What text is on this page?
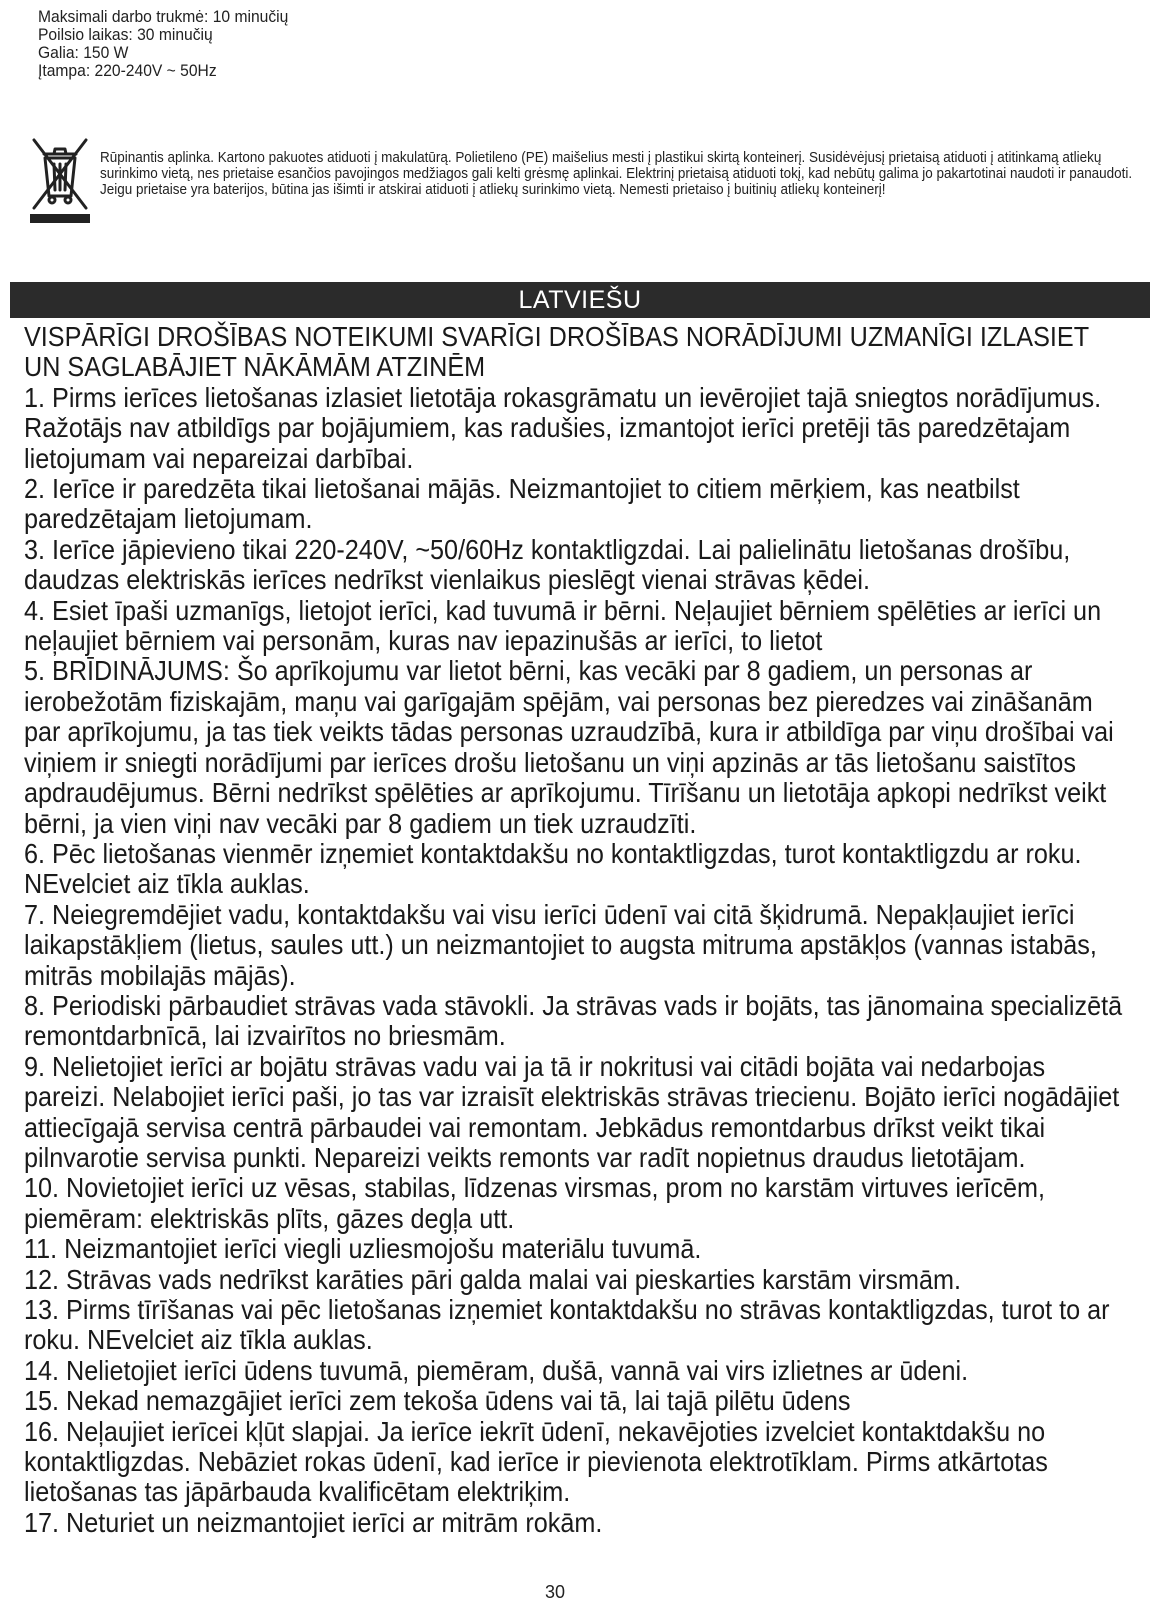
Maksimali darbo trukmė: 10 minučių
Poilsio laikas: 30 minučių
Galia: 150 W
Įtampa: 220-240V ~ 50Hz
Rūpinantis aplinka. Kartono pakuotes atiduoti į makulatūrą. Polietileno (PE) maišelius mesti į plastikui skirtą konteinerį. Susidėvėjusį prietaisą atiduoti į atitinkamą atliekų surinkimo vietą, nes prietaise esančios pavojingos medžiagos gali kelti grėsmę aplinkai. Elektrinį prietaisą atiduoti tokį, kad nebūtų galima jo pakartotinai naudoti ir panaudoti. Jeigu prietaise yra baterijos, būtina jas išimti ir atskirai atiduoti į atliekų surinkimo vietą. Nemesti prietaiso į buitinių atliekų konteinerį!
LATVIEŠU

VISPĀRĪGI DROŠĪBAS NOTEIKUMI SVARĪGI DROŠĪBAS NORĀDĪJUMI UZMANĪGI IZLASIET UN SAGLABĀJIET NĀKĀMĀM ATZINĒM

1. Pirms ierīces lietošanas izlasiet lietotāja rokasgrāmatu un ievērojiet tajā sniegtos norādījumus. Ražotājs nav atbildīgs par bojājumiem, kas radušies, izmantojot ierīci pretēji tās paredzētajam lietojumam vai nepareizai darbībai.

2. Ierīce ir paredzēta tikai lietošanai mājās. Neizmantojiet to citiem mērķiem, kas neatbilst paredzētajam lietojumam.

3. Ierīce jāpievieno tikai 220-240V, ~50/60Hz kontaktligzdai. Lai palielinātu lietošanas drošību, daudzas elektriskās ierīces nedrīkst vienlaikus pieslēgt vienai strāvas ķēdei.

4. Esiet īpaši uzmanīgs, lietojot ierīci, kad tuvumā ir bērni. Neļaujiet bērniem spēlēties ar ierīci un neļaujiet bērniem vai personām, kuras nav iepazinušās ar ierīci, to lietot

5. BRĪDINĀJUMS: Šo aprīkojumu var lietot bērni, kas vecāki par 8 gadiem, un personas ar ierobežotām fiziskajām, maņu vai garīgajām spējām, vai personas bez pieredzes vai zināšanām par aprīkojumu, ja tas tiek veikts tādas personas uzraudzībā, kura ir atbildīga par viņu drošībai vai viņiem ir sniegti norādījumi par ierīces drošu lietošanu un viņi apzinās ar tās lietošanu saistītos apdraudējumus. Bērni nedrīkst spēlēties ar aprīkojumu. Tīrīšanu un lietotāja apkopi nedrīkst veikt bērni, ja vien viņi nav vecāki par 8 gadiem un tiek uzraudzīti.

6. Pēc lietošanas vienmēr izņemiet kontaktdakšu no kontaktligzdas, turot kontaktligzdu ar roku. NEvelciet aiz tīkla auklas.

7. Neiegremdējiet vadu, kontaktdakšu vai visu ierīci ūdenī vai citā šķidrumā. Nepakļaujiet ierīci laikapstākļiem (lietus, saules utt.) un neizmantojiet to augsta mitruma apstākļos (vannas istabās, mitrās mobilajās mājās).

8. Periodiski pārbaudiet strāvas vada stāvokli. Ja strāvas vads ir bojāts, tas jānomaina specializētā remontdarbnīcā, lai izvairītos no briesmām.

9. Nelietojiet ierīci ar bojātu strāvas vadu vai ja tā ir nokritusi vai citādi bojāta vai nedarbojas pareizi. Nelabojiet ierīci paši, jo tas var izraisīt elektriskās strāvas triecienu. Bojāto ierīci nogādājiet attiecīgajā servisa centrā pārbaudei vai remontam. Jebkādus remontdarbus drīkst veikt tikai pilnvarotie servisa punkti. Nepareizi veikts remonts var radīt nopietnus draudus lietotājam.

10. Novietojiet ierīci uz vēsas, stabilas, līdzenas virsmas, prom no karstām virtuves ierīcēm, piemēram: elektriskās plīts, gāzes degļa utt.

11. Neizmantojiet ierīci viegli uzliesmojošu materiālu tuvumā.

12. Strāvas vads nedrīkst karāties pāri galda malai vai pieskarties karstām virsmām.

13. Pirms tīrīšanas vai pēc lietošanas izņemiet kontaktdakšu no strāvas kontaktligzdas, turot to ar roku. NEvelciet aiz tīkla auklas.

14. Nelietojiet ierīci ūdens tuvumā, piemēram, dušā, vannā vai virs izlietnes ar ūdeni.

15. Nekad nemazgājiet ierīci zem tekoša ūdens vai tā, lai tajā pilētu ūdens

16. Neļaujiet ierīcei kļūt slapjai. Ja ierīce iekrīt ūdenī, nekavējoties izvelciet kontaktdakšu no kontaktligzdas. Nebāziet rokas ūdenī, kad ierīce ir pievienota elektrotīklam. Pirms atkārtotas lietošanas tas jāpārbauda kvalificētam elektriķim.

17. Neturiet un neizmantojiet ierīci ar mitrām rokām.

30
